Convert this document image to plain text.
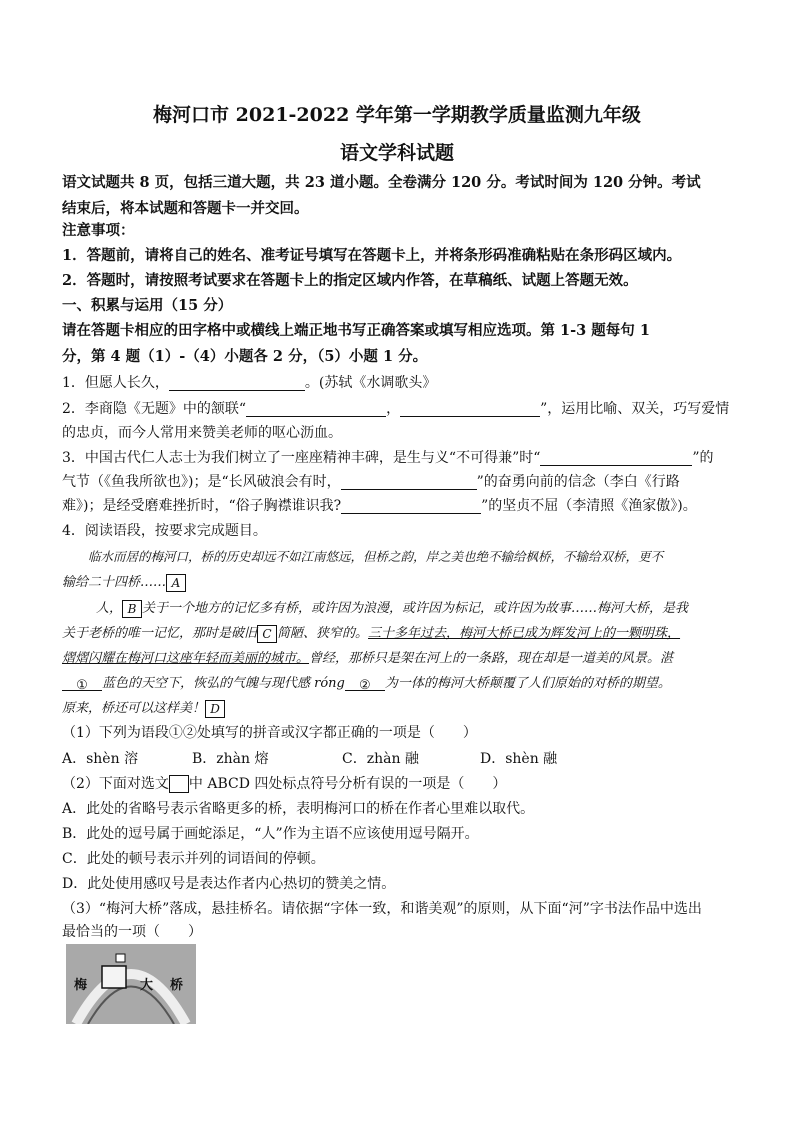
梅河口市 2021-2022 学年第一学期教学质量监测九年级
语文学科试题
语文试题共 8 页，包括三道大题，共 23 道小题。全卷满分 120 分。考试时间为 120 分钟。考试
结束后，将本试题和答题卡一并交回。
注意事项：
1．答题前，请将自己的姓名、准考证号填写在答题卡上，并将条形码准确粘贴在条形码区域内。
2．答题时，请按照考试要求在答题卡上的指定区域内作答，在草稿纸、试题上答题无效。
一、积累与运用（15 分）
请在答题卡相应的田字格中或横线上端正地书写正确答案或填写相应选项。第 1-3 题每句 1
分，第 4 题（1）-（4）小题各 2 分，（5）小题 1 分。
1．但愿人长久，	。(苏轼《水调歌头》
2．李商隐《无题》中的颔联“	，	”，运用比喻、双关，巧写爱情
的忠贞，而今人常用来赞美老师的呕心沥血。
3．中国古代仁人志士为我们树立了一座座精神丰碑，是生与义“不可得兼”时“	”的
气节（《鱼我所欲也》)；是“长风破浪会有时，	”的奋勇向前的信念（李白《行路
难》)；是经受磨难挫折时，“俗子胸襟谁识我?	”的坚贞不屈（李清照《渔家傲》)。
4．阅读语段，按要求完成题目。
临水而居的梅河口，桥的历史却远不如江南悠远，但桥之韵，岸之美也绝不输给枫桥，不输给双桥，更不
输给二十四桥…… A
人， B 关于一个地方的记忆多有桥，或许因为浪漫，或许因为标记，或许因为故事……梅河大桥，是我
关于老桥的唯一记忆，那时是破旧 C 简陋、狭窄的。三十多年过去，梅河大桥已成为辉发河上的一颗明珠，
熠熠闪耀在梅河口这座年轻而美丽的城市。曾经，那桥只是架在河上的一条路，现在却是一道美的风景。湛
① 蓝色的天空下，恢弘的气魄与现代感 róng ② 为一体的梅河大桥颠覆了人们原始的对桥的期望。
原来，桥还可以这样美！ D
（1）下列为语段①②处填写的拼音或汉字都正确的一项是（　　）
A．shèn 溶	B．zhàn 熔	C．zhàn 融	D．shèn 融
（2）下面对选文 中 ABCD 四处标点符号分析有误的一项是（　　）
A．此处的省略号表示省略更多的桥，表明梅河口的桥在作者心里难以取代。
B．此处的逗号属于画蛇添足，“人”作为主语不应该使用逗号隔开。
C．此处的顿号表示并列的词语间的停顿。
D．此处使用感叹号是表达作者内心热切的赞美之情。
（3）“梅河大桥”落成，悬挂桥名。请依据“字体一致，和谐美观”的原则，从下面“河”字书法作品中选出
最恰当的一项（　　）
梅	大 桥
